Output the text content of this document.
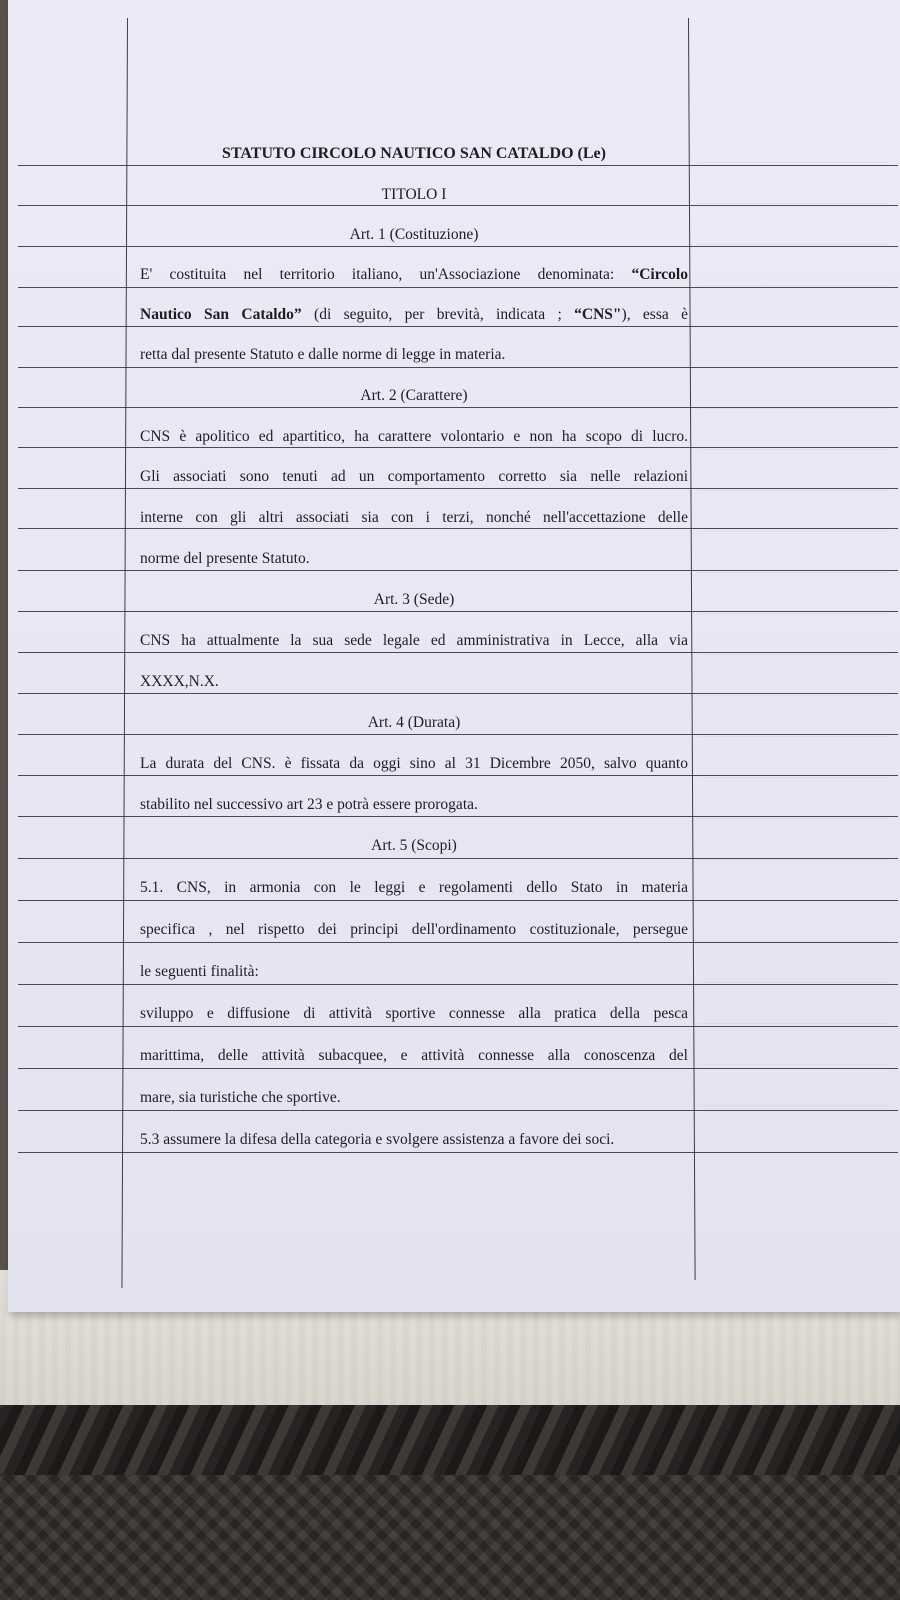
STATUTO CIRCOLO NAUTICO SAN CATALDO (Le)

TITOLO I

Art. 1 (Costituzione)

E' costituita nel territorio italiano, un'Associazione denominata: “Circolo

Nautico San Cataldo” (di seguito, per brevità, indicata ; “CNS"), essa è

retta dal presente Statuto e dalle norme di legge in materia.

Art. 2 (Carattere)

CNS è apolitico ed apartitico, ha carattere volontario e non ha scopo di lucro.

Gli associati sono tenuti ad un comportamento corretto sia nelle relazioni

interne con gli altri associati sia con i terzi, nonché nell'accettazione delle

norme del presente Statuto.

Art. 3 (Sede)

CNS ha attualmente la sua sede legale ed amministrativa in Lecce, alla via

XXXX,N.X.

Art. 4 (Durata)

La durata del CNS. è fissata da oggi sino al 31 Dicembre 2050, salvo quanto

stabilito nel successivo art 23 e potrà essere prorogata.

Art. 5 (Scopi)

5.1. CNS, in armonia con le leggi e regolamenti dello Stato in materia

specifica , nel rispetto dei principi dell'ordinamento costituzionale, persegue

le seguenti finalità:

sviluppo e diffusione di attività sportive connesse alla pratica della pesca

marittima, delle attività subacquee, e attività connesse alla conoscenza del

mare, sia turistiche che sportive.

5.3 assumere la difesa della categoria e svolgere assistenza a favore dei soci.
